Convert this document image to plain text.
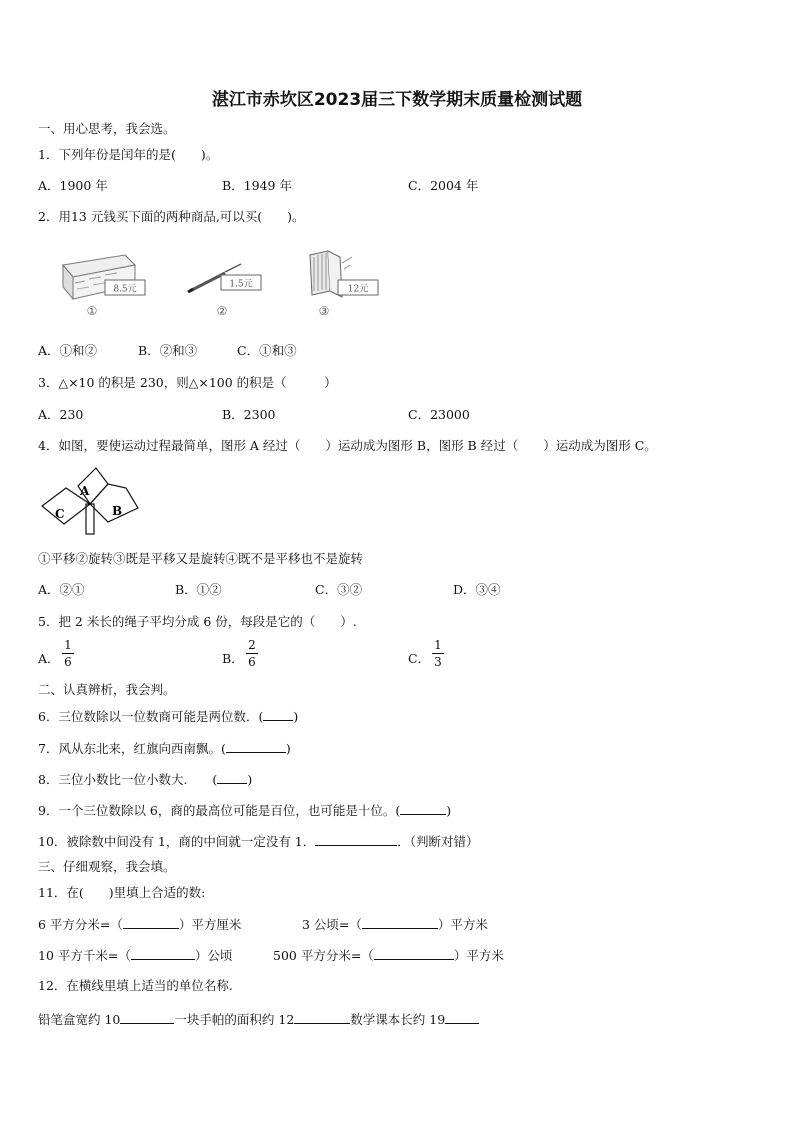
湛江市赤坎区2023届三下数学期末质量检测试题
一、用心思考，我会选。
1．下列年份是闰年的是(　　)。
A．1900 年	B．1949 年	C．2004 年
2．用13 元钱买下面的两种商品,可以买(　　)。
8.5元
①
1.5元
②
12元
③
A．①和②	B．②和③	C．①和③
3．△×10 的积是 230，则△×100 的积是（　　　）
A．230	B．2300	C．23000
4．如图，要使运动过程最简单，图形 A 经过（　　）运动成为图形 B，图形 B 经过（　　）运动成为图形 C。
A
B
C
①平移②旋转③既是平移又是旋转④既不是平移也不是旋转
A．②①	B．①②	C．③②	D．③④
5．把 2 米长的绳子平均分成 6 份，每段是它的（　　）.
A．
1
6	B．
2
6	C．
1
3
二、认真辨析，我会判。
6．三位数除以一位数商可能是两位数．( )
7．风从东北来，红旗向西南飘。(	)
8．三位小数比一位小数大.　　( )
9．一个三位数除以 6，商的最高位可能是百位，也可能是十位。(	)
10．被除数中间没有 1，商的中间就一定没有 1．	．（判断对错）
三、仔细观察，我会填。
11．在(　　)里填上合适的数:
6 平方分米=（	）平方厘米	3 公顷=（	）平方米
10 平方千米=（	）公顷	500 平方分米=（	）平方米
12．在横线里填上适当的单位名称.
铅笔盒宽约 10	一块手帕的面积约 12	数学课本长约 19
